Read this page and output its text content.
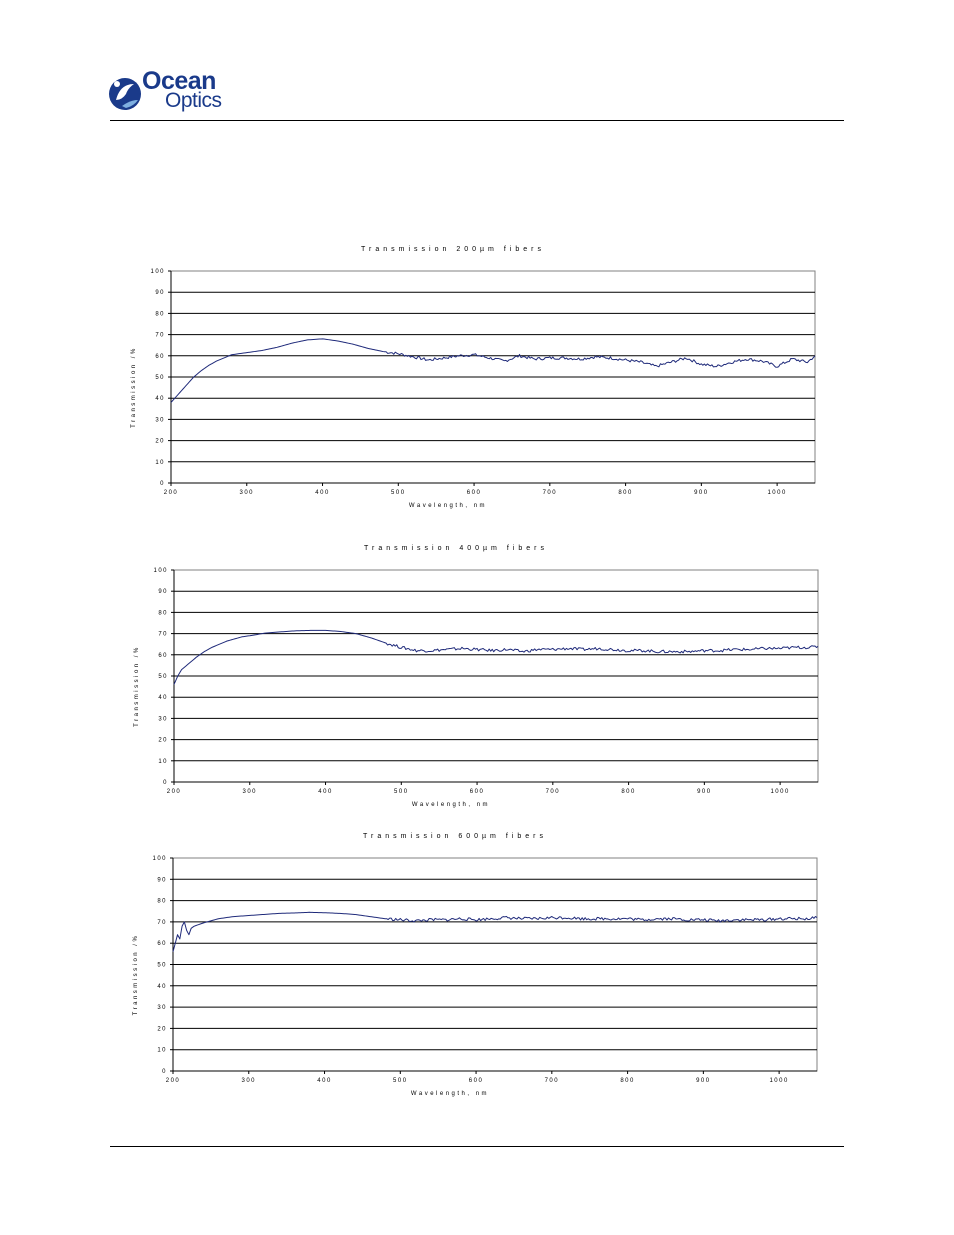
Ocean
Optics
Transmission 200µm fibers
0
10
20
30
40
50
60
70
80
90
100
200	300	400	500	600	700	800	900	1000
Wavelength, nm
Transmission /%
Transmission 400µm fibers
0
10
20
30
40
50
60
70
80
90
100
200	300	400	500	600	700	800	900	1000
Wavelength, nm
Transmission /%
Transmission 600µm fibers
0
10
20
30
40
50
60
70
80
90
100
200	300	400	500	600	700	800	900	1000
Wavelength, nm
Transmission /%
